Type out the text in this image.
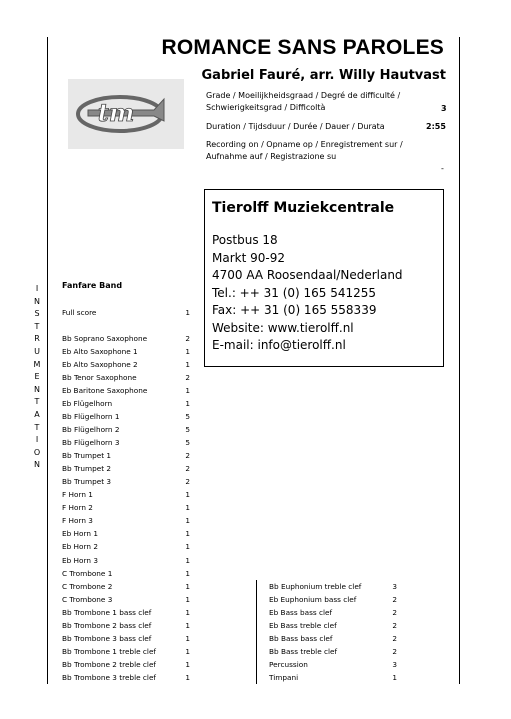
I
N
S
T
R
U
M
E
N
T
A
T
I
O
N
ROMANCE SANS PAROLES
Gabriel Fauré, arr. Willy Hautvast
tm
Grade / Moeilijkheidsgraad / Degré de difficulté /
Schwierigkeitsgrad / Difficoltà	3
Duration / Tijdsduur / Durée / Dauer / Durata	2:55
Recording on / Opname op / Enregistrement sur /
Aufnahme auf / Registrazione su
-
Tierolff Muziekcentrale
Postbus 18
Markt 90-92
4700 AA Roosendaal/Nederland
Tel.: ++ 31 (0) 165 541255
Fax: ++ 31 (0) 165 558339
Website: www.tierolff.nl
E-mail: info@tierolff.nl
Fanfare Band
Full score	1
Bb Soprano Saxophone	2
Eb Alto Saxophone 1	1
Eb Alto Saxophone 2	1
Bb Tenor Saxophone	2
Eb Baritone Saxophone	1
Eb Flügelhorn	1
Bb Flügelhorn 1	5
Bb Flügelhorn 2	5
Bb Flügelhorn 3	5
Bb Trumpet 1	2
Bb Trumpet 2	2
Bb Trumpet 3	2
F Horn 1	1
F Horn 2	1
F Horn 3	1
Eb Horn 1	1
Eb Horn 2	1
Eb Horn 3	1
C Trombone 1	1
C Trombone 2	1
C Trombone 3	1
Bb Trombone 1 bass clef	1
Bb Trombone 2 bass clef	1
Bb Trombone 3 bass clef	1
Bb Trombone 1 treble clef	1
Bb Trombone 2 treble clef	1
Bb Trombone 3 treble clef	1
Bb Euphonium treble clef	3
Eb Euphonium bass clef	2
Eb Bass bass clef	2
Eb Bass treble clef	2
Bb Bass bass clef	2
Bb Bass treble clef	2
Percussion	3
Timpani	1
